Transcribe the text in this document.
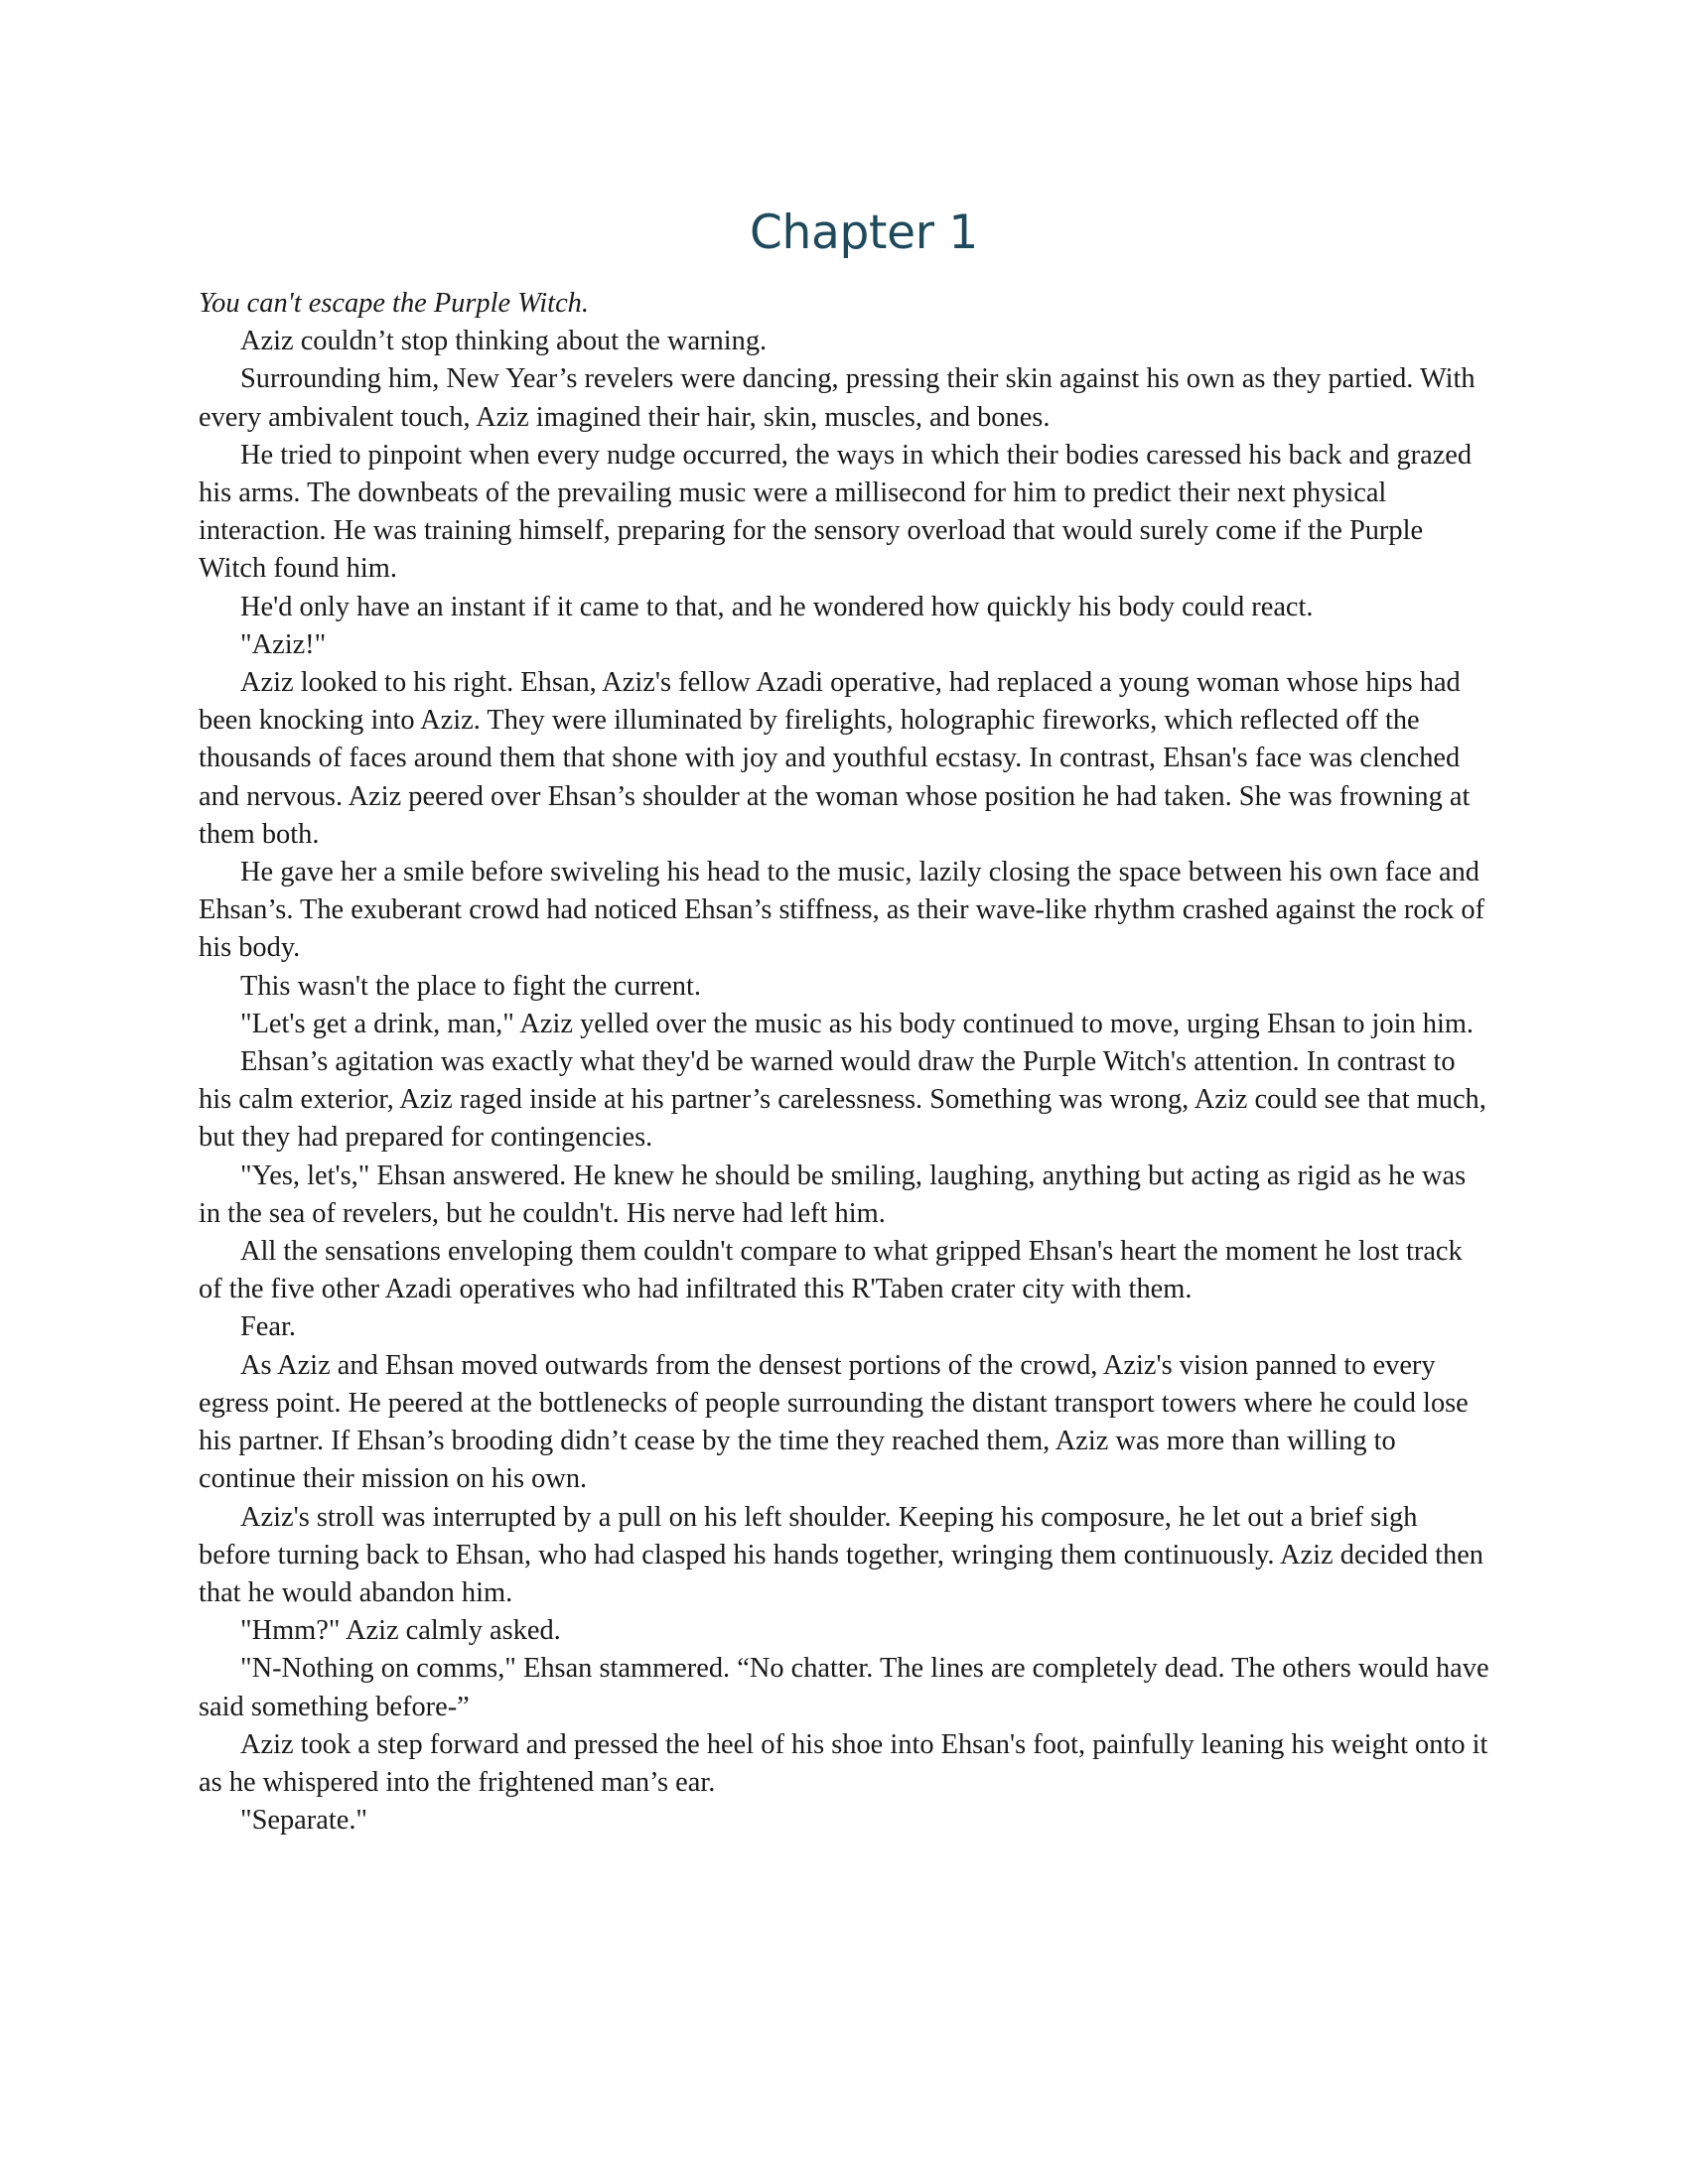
Chapter 1

You can't escape the Purple Witch.

Aziz couldn’t stop thinking about the warning.

Surrounding him, New Year’s revelers were dancing, pressing their skin against his own as they partied. With every ambivalent touch, Aziz imagined their hair, skin, muscles, and bones.

He tried to pinpoint when every nudge occurred, the ways in which their bodies caressed his back and grazed his arms. The downbeats of the prevailing music were a millisecond for him to predict their next physical interaction. He was training himself, preparing for the sensory overload that would surely come if the Purple Witch found him.

He'd only have an instant if it came to that, and he wondered how quickly his body could react.

"Aziz!"

Aziz looked to his right. Ehsan, Aziz's fellow Azadi operative, had replaced a young woman whose hips had been knocking into Aziz. They were illuminated by firelights, holographic fireworks, which reflected off the thousands of faces around them that shone with joy and youthful ecstasy. In contrast, Ehsan's face was clenched and nervous. Aziz peered over Ehsan’s shoulder at the woman whose position he had taken. She was frowning at them both.

He gave her a smile before swiveling his head to the music, lazily closing the space between his own face and Ehsan’s. The exuberant crowd had noticed Ehsan’s stiffness, as their wave-like rhythm crashed against the rock of his body.

This wasn't the place to fight the current.

"Let's get a drink, man," Aziz yelled over the music as his body continued to move, urging Ehsan to join him.

Ehsan’s agitation was exactly what they'd be warned would draw the Purple Witch's attention. In contrast to his calm exterior, Aziz raged inside at his partner’s carelessness. Something was wrong, Aziz could see that much, but they had prepared for contingencies.

"Yes, let's," Ehsan answered. He knew he should be smiling, laughing, anything but acting as rigid as he was in the sea of revelers, but he couldn't. His nerve had left him.

All the sensations enveloping them couldn't compare to what gripped Ehsan's heart the moment he lost track of the five other Azadi operatives who had infiltrated this R'Taben crater city with them.

Fear.

As Aziz and Ehsan moved outwards from the densest portions of the crowd, Aziz's vision panned to every egress point. He peered at the bottlenecks of people surrounding the distant transport towers where he could lose his partner. If Ehsan’s brooding didn’t cease by the time they reached them, Aziz was more than willing to continue their mission on his own.

Aziz's stroll was interrupted by a pull on his left shoulder. Keeping his composure, he let out a brief sigh before turning back to Ehsan, who had clasped his hands together, wringing them continuously. Aziz decided then that he would abandon him.

"Hmm?" Aziz calmly asked.

"N-Nothing on comms," Ehsan stammered. “No chatter. The lines are completely dead. The others would have said something before-”

Aziz took a step forward and pressed the heel of his shoe into Ehsan's foot, painfully leaning his weight onto it as he whispered into the frightened man’s ear.

"Separate."
